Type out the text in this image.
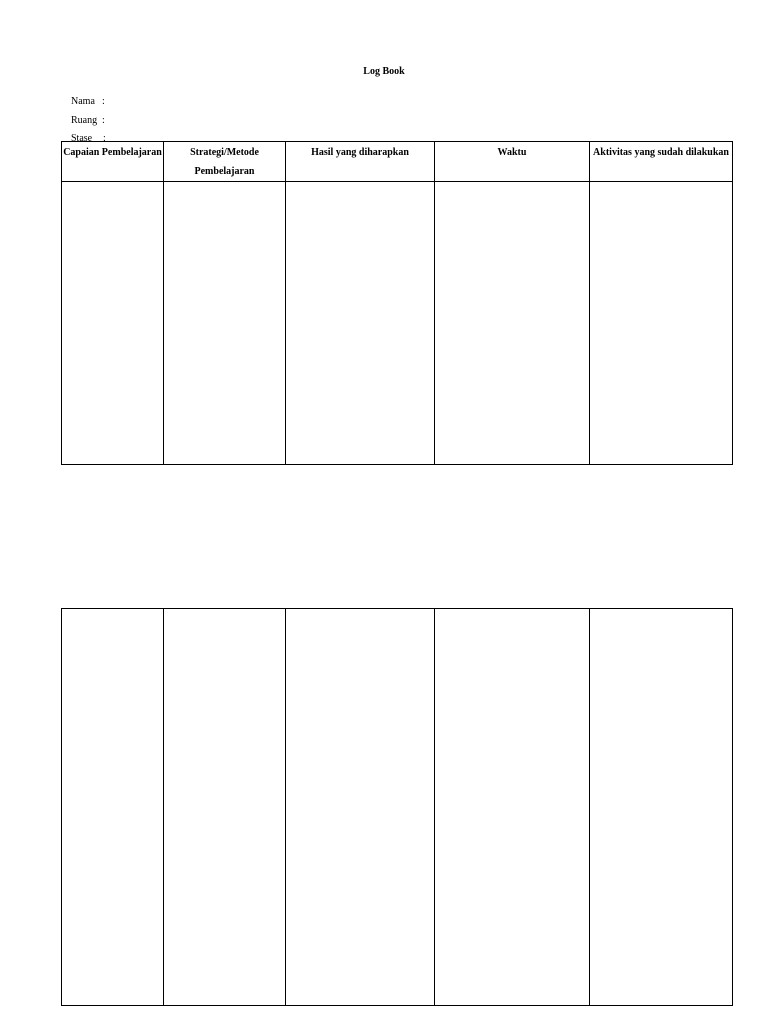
Log Book

Nama :

Ruang :

Stase :

Capaian Pembelajaran	Strategi/Metode Pembelajaran	Hasil yang diharapkan	Waktu	Aktivitas yang sudah dilakukan
